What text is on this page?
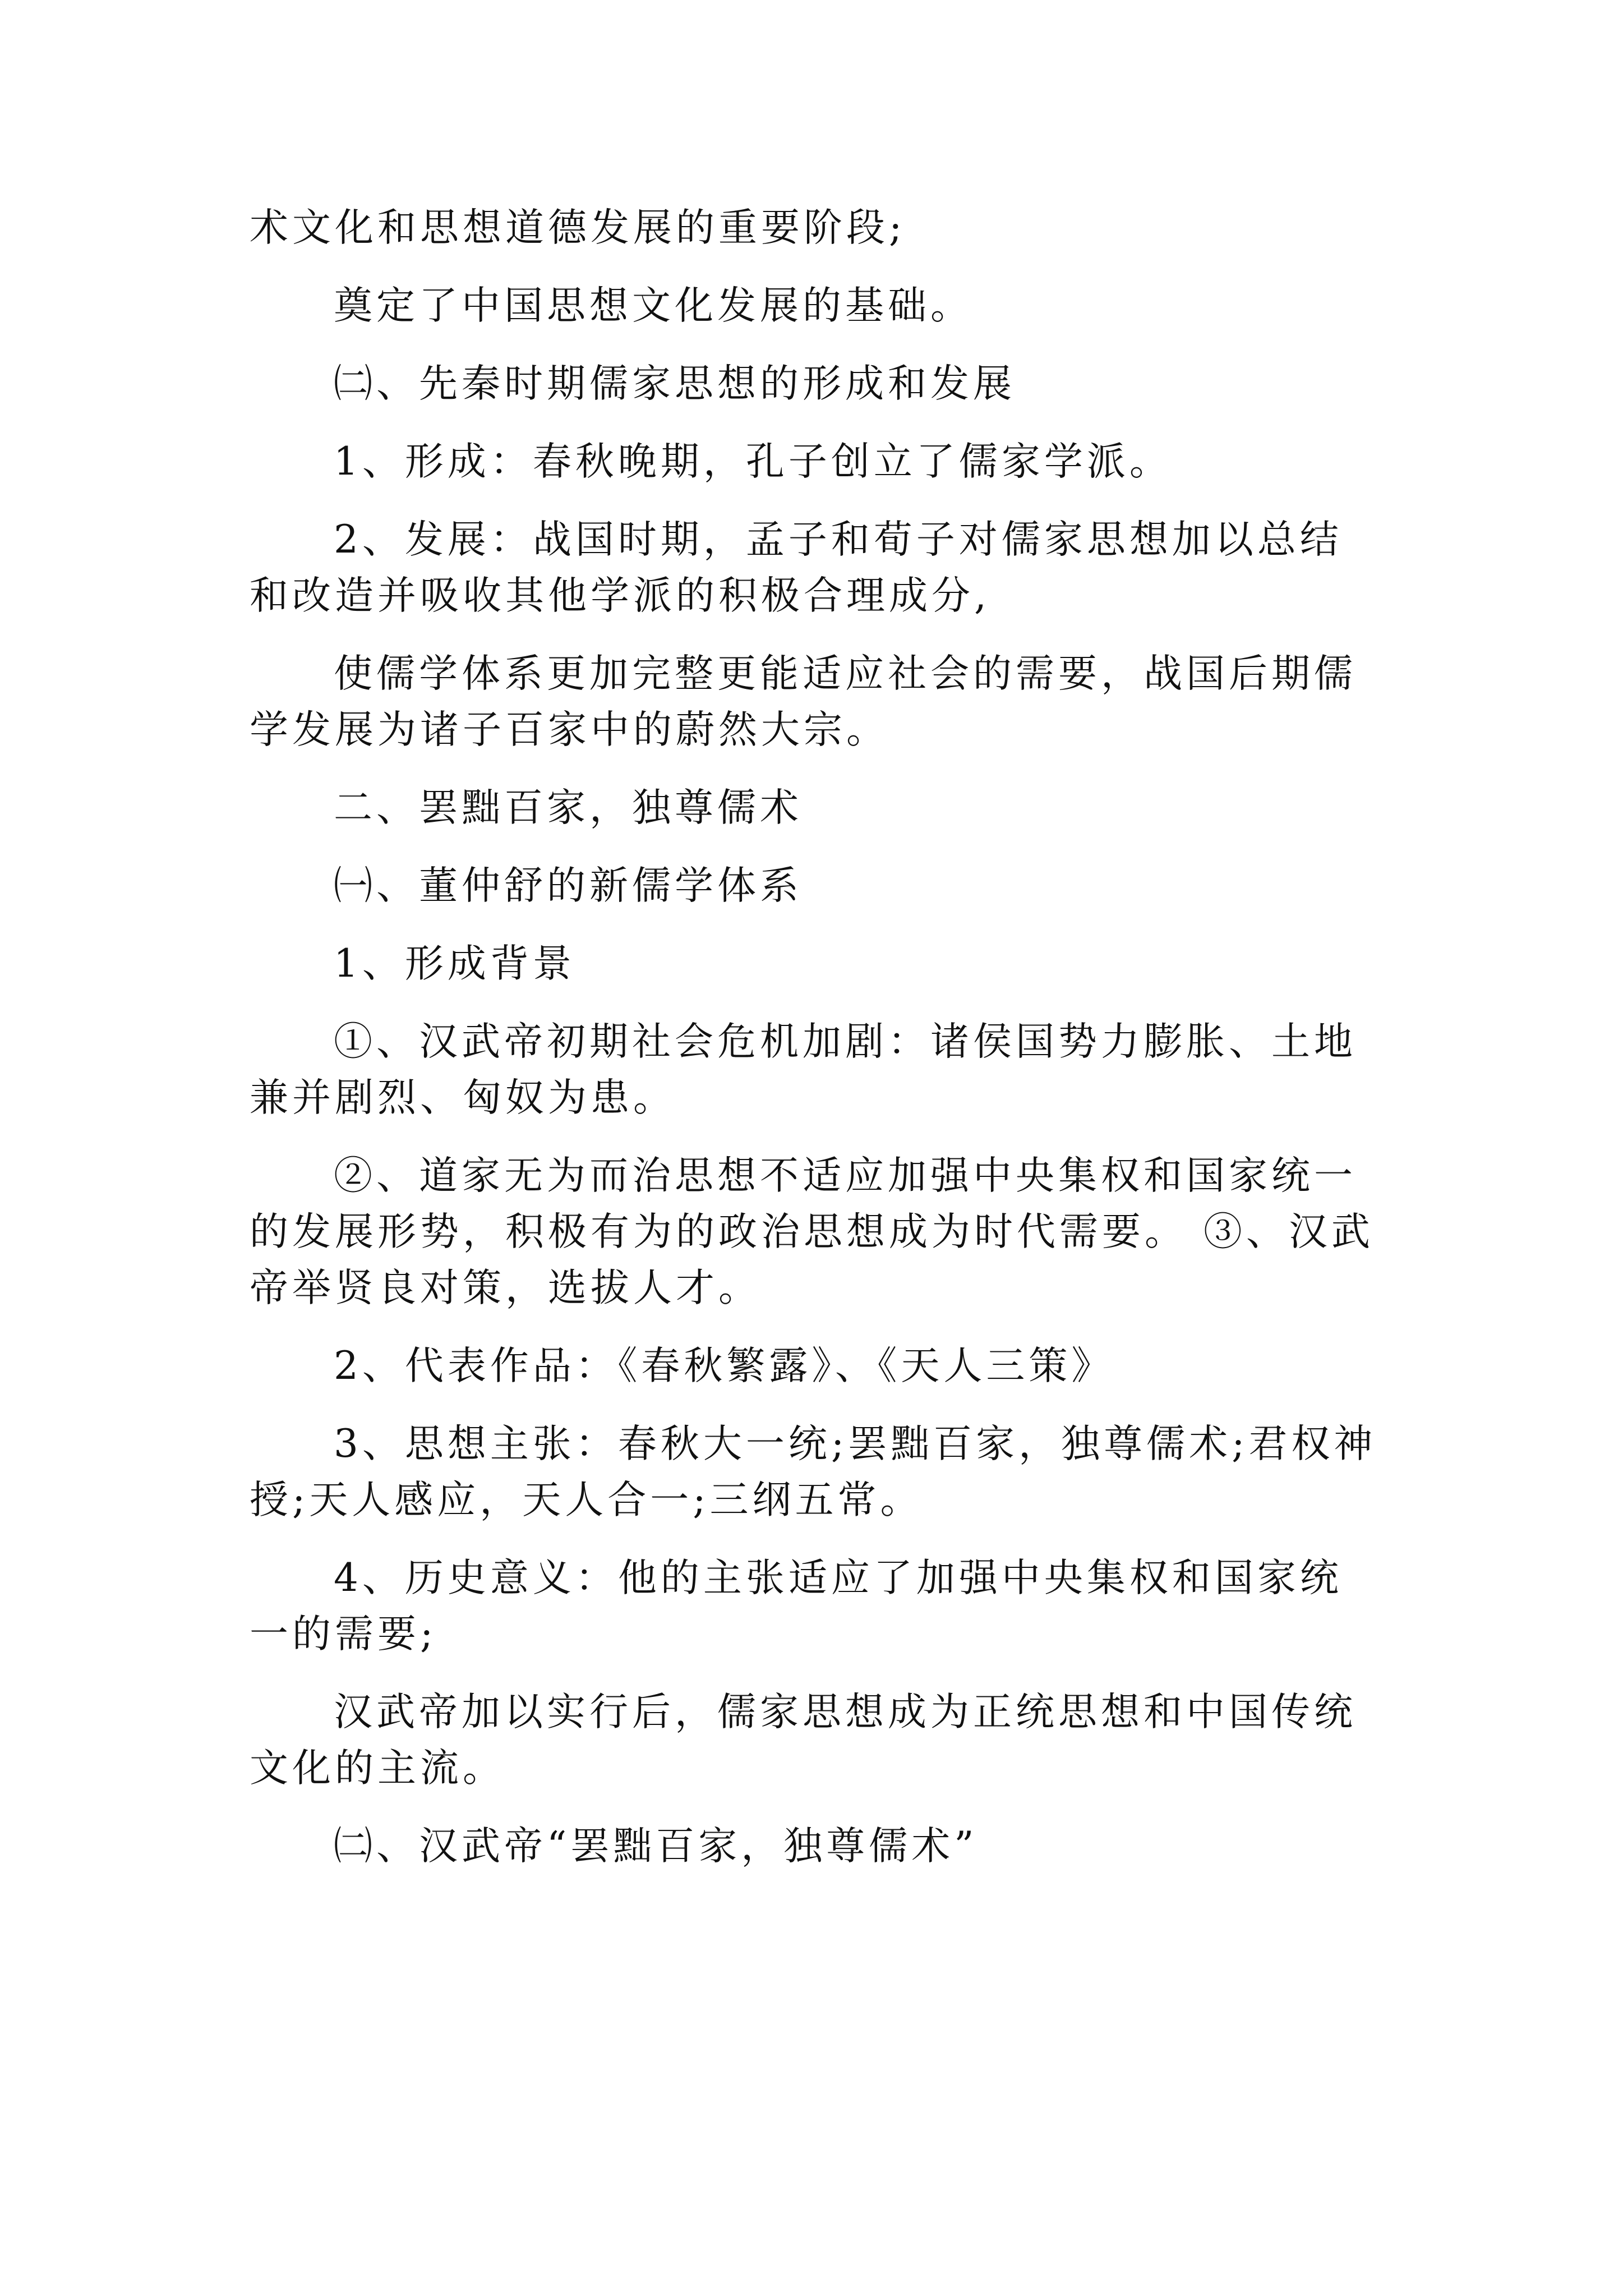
术文化和思想道德发展的重要阶段;

奠定了中国思想文化发展的基础。

㈡、先秦时期儒家思想的形成和发展

1、形成：春秋晚期，孔子创立了儒家学派。

2、发展：战国时期，孟子和荀子对儒家思想加以总结和改造并吸收其他学派的积极合理成分,

使儒学体系更加完整更能适应社会的需要，战国后期儒学发展为诸子百家中的蔚然大宗。

二、罢黜百家，独尊儒术

㈠、董仲舒的新儒学体系

1、形成背景

①、汉武帝初期社会危机加剧：诸侯国势力膨胀、土地兼并剧烈、匈奴为患。

②、道家无为而治思想不适应加强中央集权和国家统一的发展形势，积极有为的政治思想成为时代需要。 ③、汉武帝举贤良对策，选拔人才。

2、代表作品：《春秋繁露》、《天人三策》

3、思想主张：春秋大一统;罢黜百家，独尊儒术;君权神授;天人感应，天人合一;三纲五常。

4、历史意义：他的主张适应了加强中央集权和国家统一的需要;

汉武帝加以实行后，儒家思想成为正统思想和中国传统文化的主流。

㈡、汉武帝“罢黜百家，独尊儒术”
